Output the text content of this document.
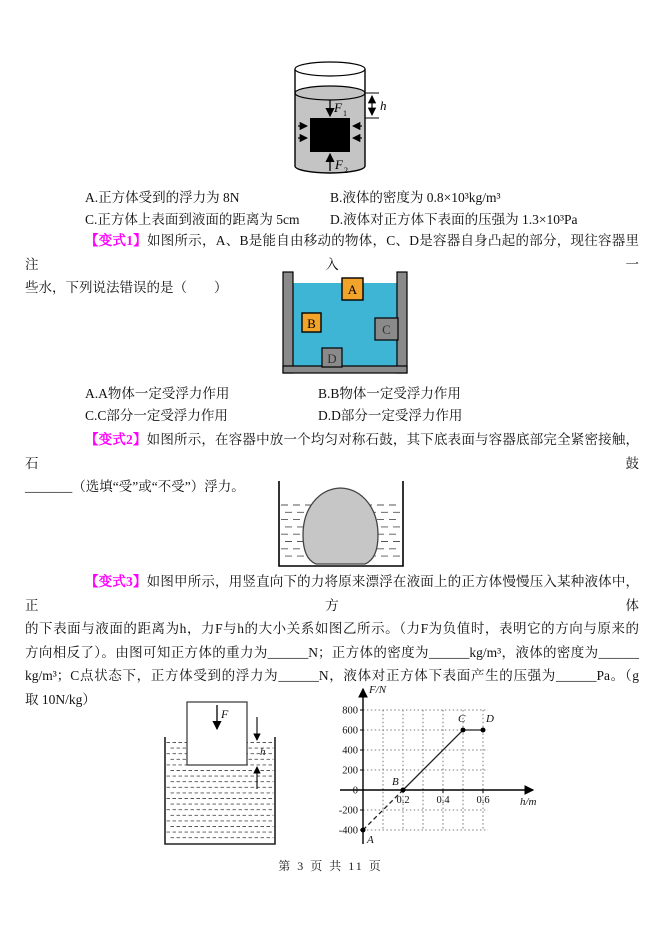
F 1
F 2
h
A.正方体受到的浮力为 8N	B.液体的密度为 0.8×10³kg/m³
C.正方体上表面到液面的距离为 5cm D.液体对正方体下表面的压强为 1.3×10³Pa
【变式1】如图所示，A、B是能自由移动的物体，C、D是容器自身凸起的部分，现往容器里注入一
些水，下列说法错误的是（　　）	A
B	C
D
A.A物体一定受浮力作用	B.B物体一定受浮力作用
C.C部分一定受浮力作用	D.D部分一定受浮力作用
【变式2】如图所示，在容器中放一个均匀对称石鼓，其下底表面与容器底部完全紧密接触，石鼓
_______（选填“受”或“不受”）浮力。
【变式3】如图甲所示，用竖直向下的力将原来漂浮在液面上的正方体慢慢压入某种液体中，正方体
的下表面与液面的距离为h，力F与h的大小关系如图乙所示。（力F为负值时，表明它的方向与原来的
方向相反了）。由图可知正方体的重力为______N；正方体的密度为______kg/m³，液体的密度为______
kg/m³；C点状态下，正方体受到的浮力为______N，液体对正方体下表面产生的压强为______Pa。（g
取 10N/kg）
F
h
A
B
C D
800
600
400
200
0
-200
-400
0.2	0.4	0.6
F/N
h/m
第 3 页 共 11 页
